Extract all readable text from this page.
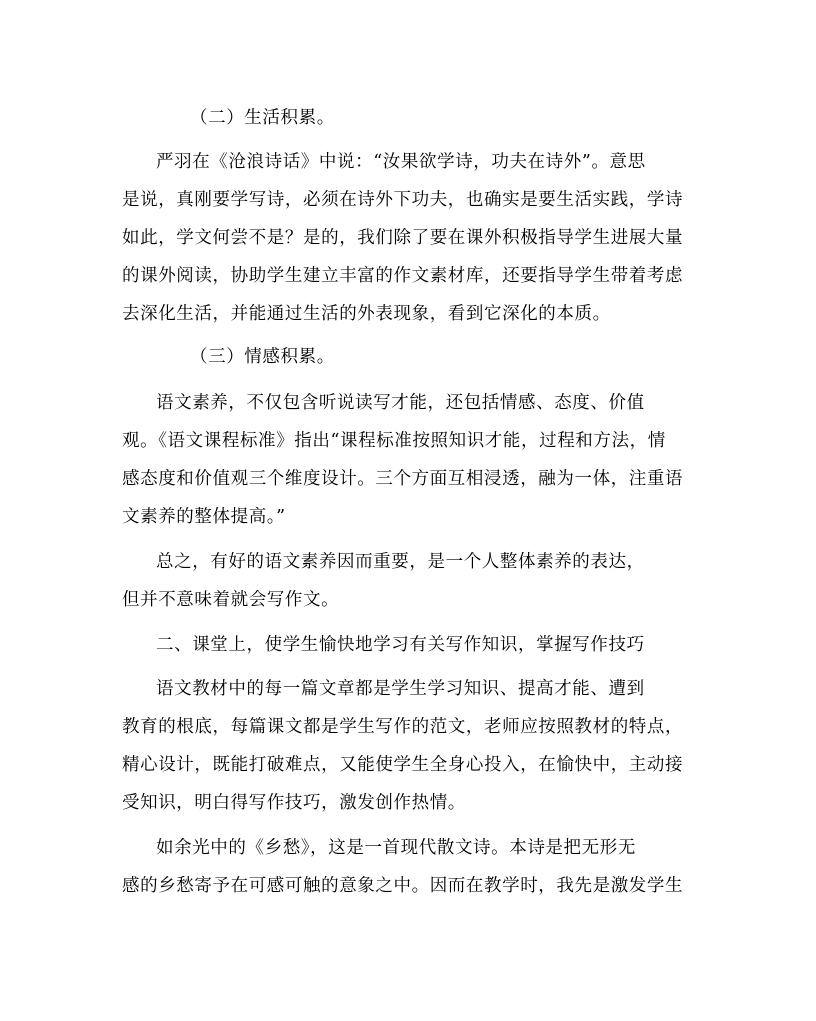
（二）生活积累。
严羽在《沧浪诗话》中说：“汝果欲学诗，功夫在诗外”。意思
是说，真刚要学写诗，必须在诗外下功夫，也确实是要生活实践，学诗
如此，学文何尝不是？是的，我们除了要在课外积极指导学生进展大量
的课外阅读，协助学生建立丰富的作文素材库，还要指导学生带着考虑
去深化生活，并能通过生活的外表现象，看到它深化的本质。
（三）情感积累。
语文素养，不仅包含听说读写才能，还包括情感、态度、价值
观。《语文课程标准》指出“课程标准按照知识才能，过程和方法，情
感态度和价值观三个维度设计。三个方面互相浸透，融为一体，注重语
文素养的整体提高。”
总之，有好的语文素养因而重要，是一个人整体素养的表达，
但并不意味着就会写作文。
二、课堂上，使学生愉快地学习有关写作知识，掌握写作技巧
语文教材中的每一篇文章都是学生学习知识、提高才能、遭到
教育的根底，每篇课文都是学生写作的范文，老师应按照教材的特点，
精心设计，既能打破难点，又能使学生全身心投入，在愉快中，主动接
受知识，明白得写作技巧，激发创作热情。
如余光中的《乡愁》，这是一首现代散文诗。本诗是把无形无
感的乡愁寄予在可感可触的意象之中。因而在教学时，我先是激发学生
